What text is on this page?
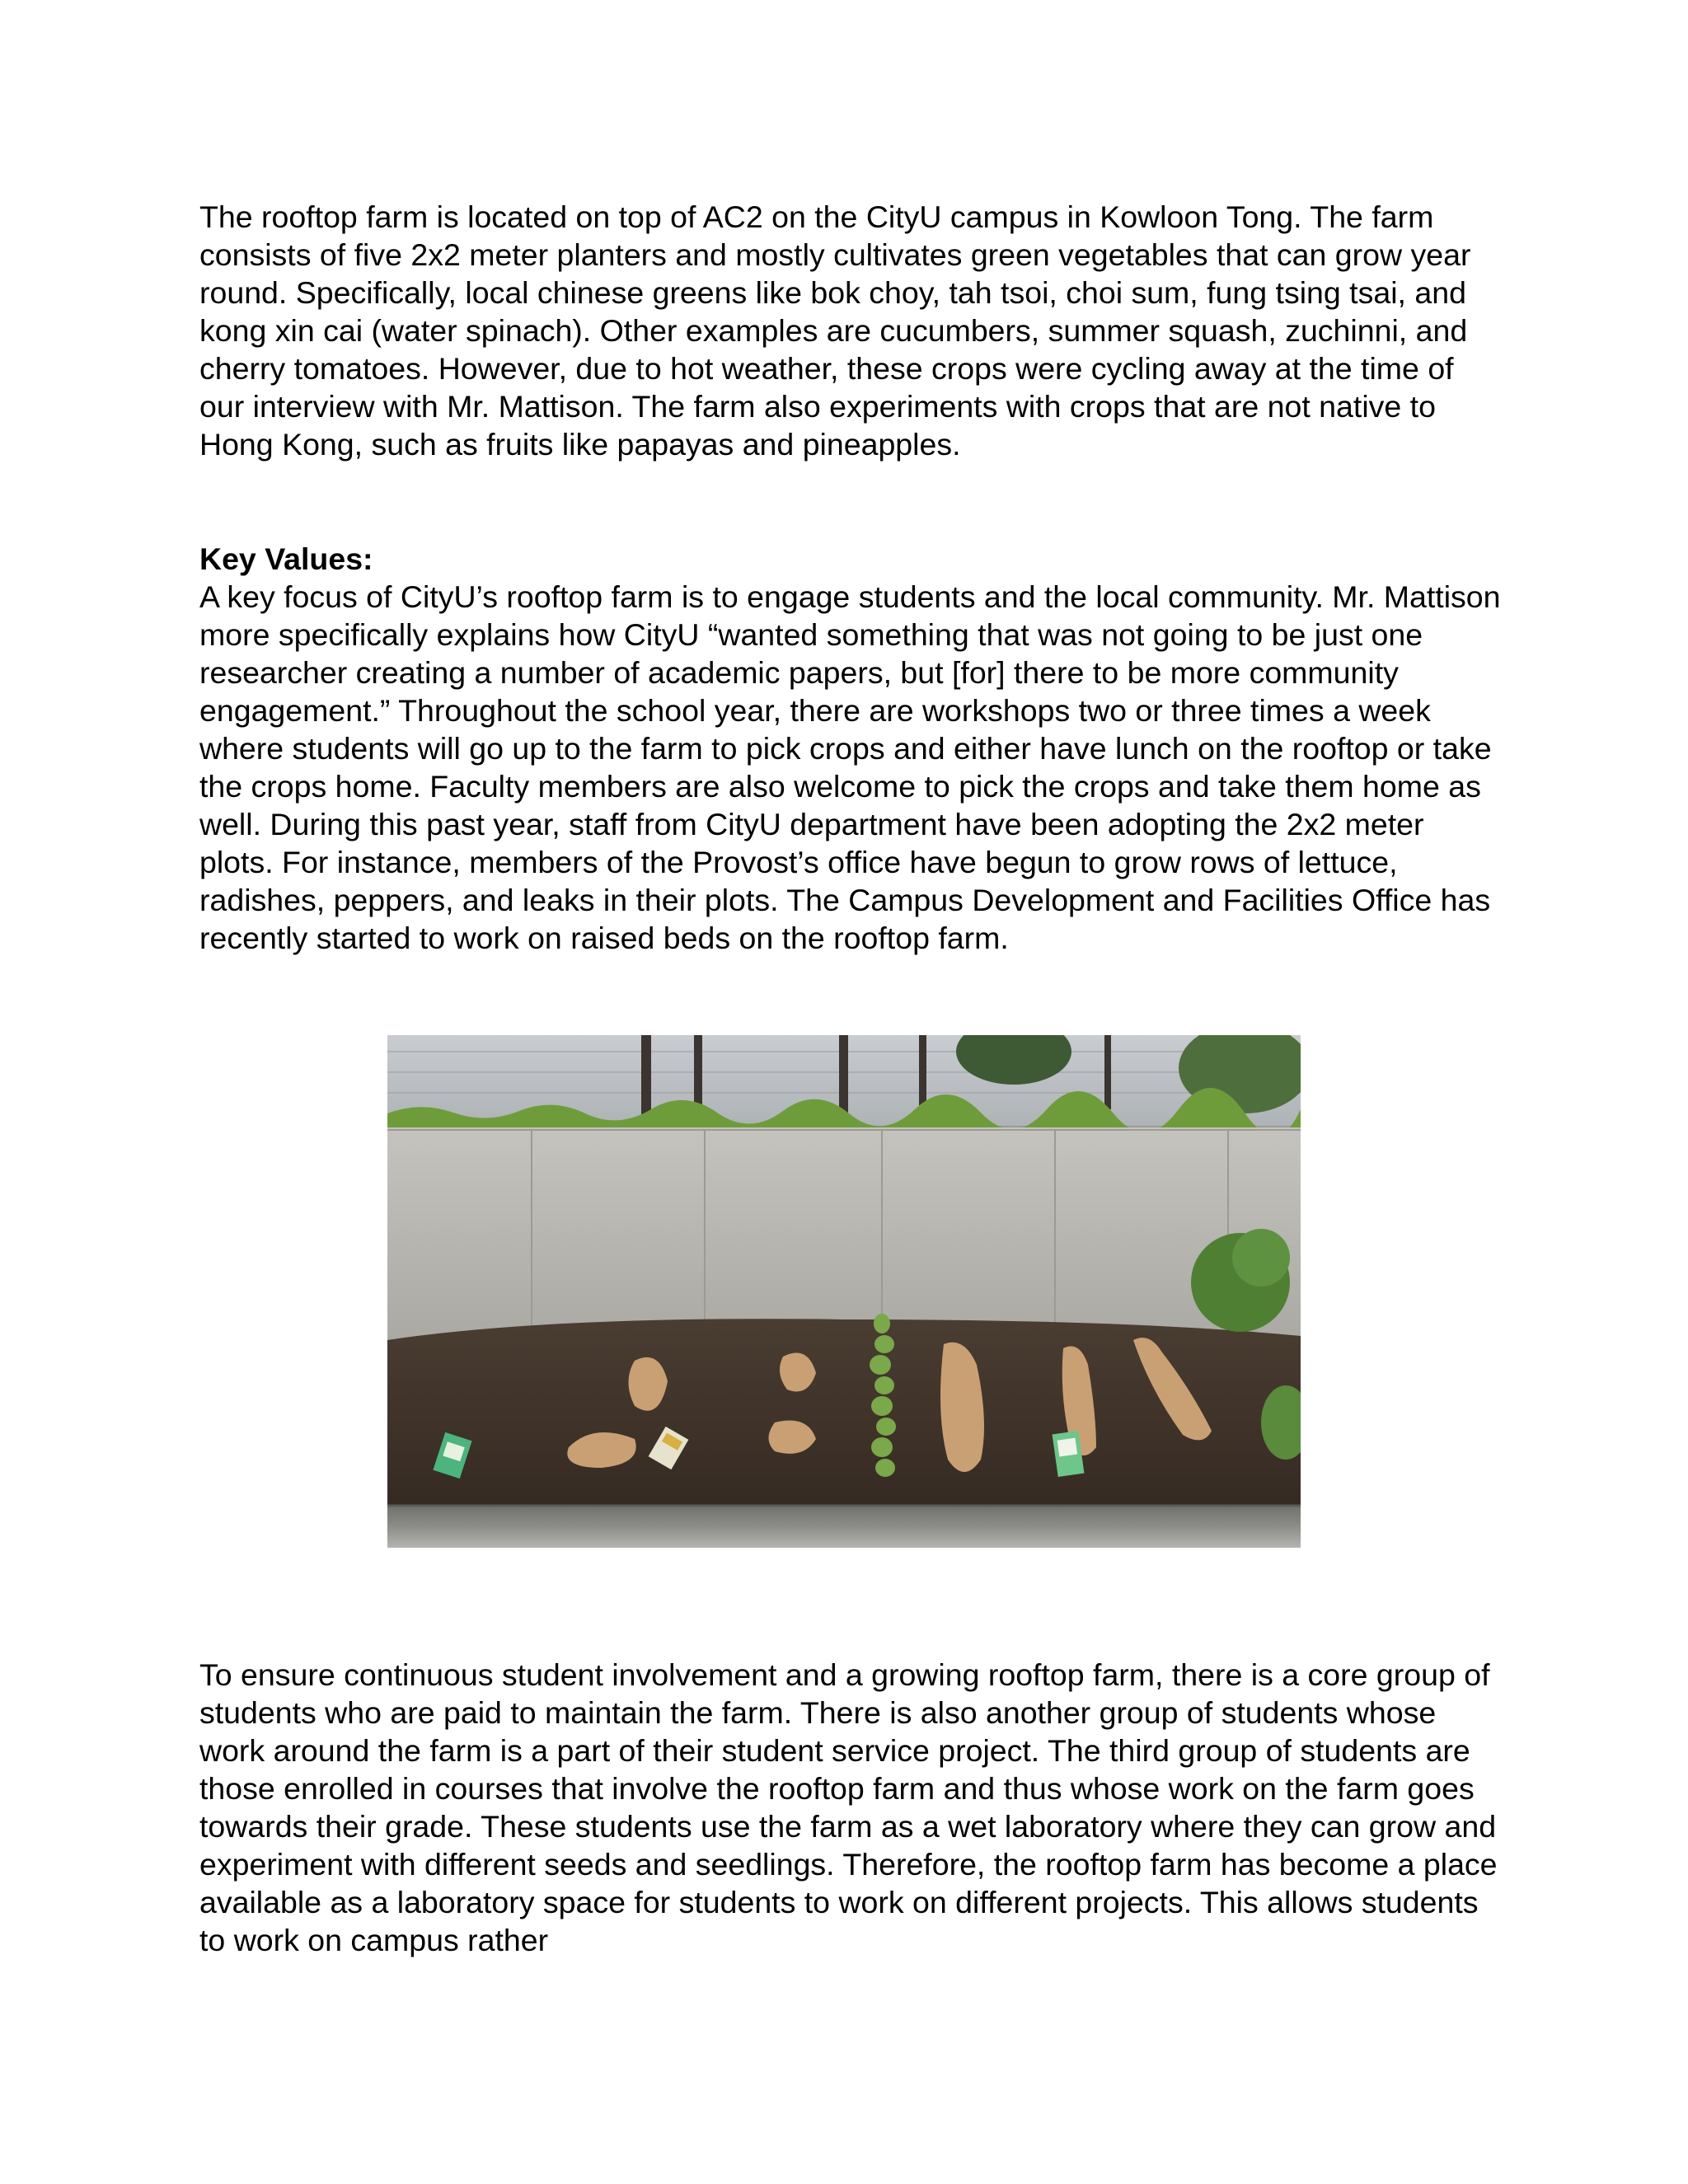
The rooftop farm is located on top of AC2 on the CityU campus in Kowloon Tong. The farm consists of five 2x2 meter planters and mostly cultivates green vegetables that can grow year round. Specifically, local chinese greens like bok choy, tah tsoi, choi sum, fung tsing tsai, and kong xin cai (water spinach). Other examples are cucumbers, summer squash, zuchinni, and cherry tomatoes. However, due to hot weather, these crops were cycling away at the time of our interview with Mr. Mattison. The farm also experiments with crops that are not native to Hong Kong, such as fruits like papayas and pineapples.

Key Values:

A key focus of CityU’s rooftop farm is to engage students and the local community. Mr. Mattison more specifically explains how CityU “wanted something that was not going to be just one researcher creating a number of academic papers, but [for] there to be more community engagement.” Throughout the school year, there are workshops two or three times a week where students will go up to the farm to pick crops and either have lunch on the rooftop or take the crops home. Faculty members are also welcome to pick the crops and take them home as well. During this past year, staff from CityU department have been adopting the 2x2 meter plots. For instance, members of the Provost’s office have begun to grow rows of lettuce, radishes, peppers, and leaks in their plots. The Campus Development and Facilities Office has recently started to work on raised beds on the rooftop farm.

To ensure continuous student involvement and a growing rooftop farm, there is a core group of students who are paid to maintain the farm. There is also another group of students whose work around the farm is a part of their student service project. The third group of students are those enrolled in courses that involve the rooftop farm and thus whose work on the farm goes towards their grade. These students use the farm as a wet laboratory where they can grow and experiment with different seeds and seedlings. Therefore, the rooftop farm has become a place available as a laboratory space for students to work on different projects. This allows students to work on campus rather
